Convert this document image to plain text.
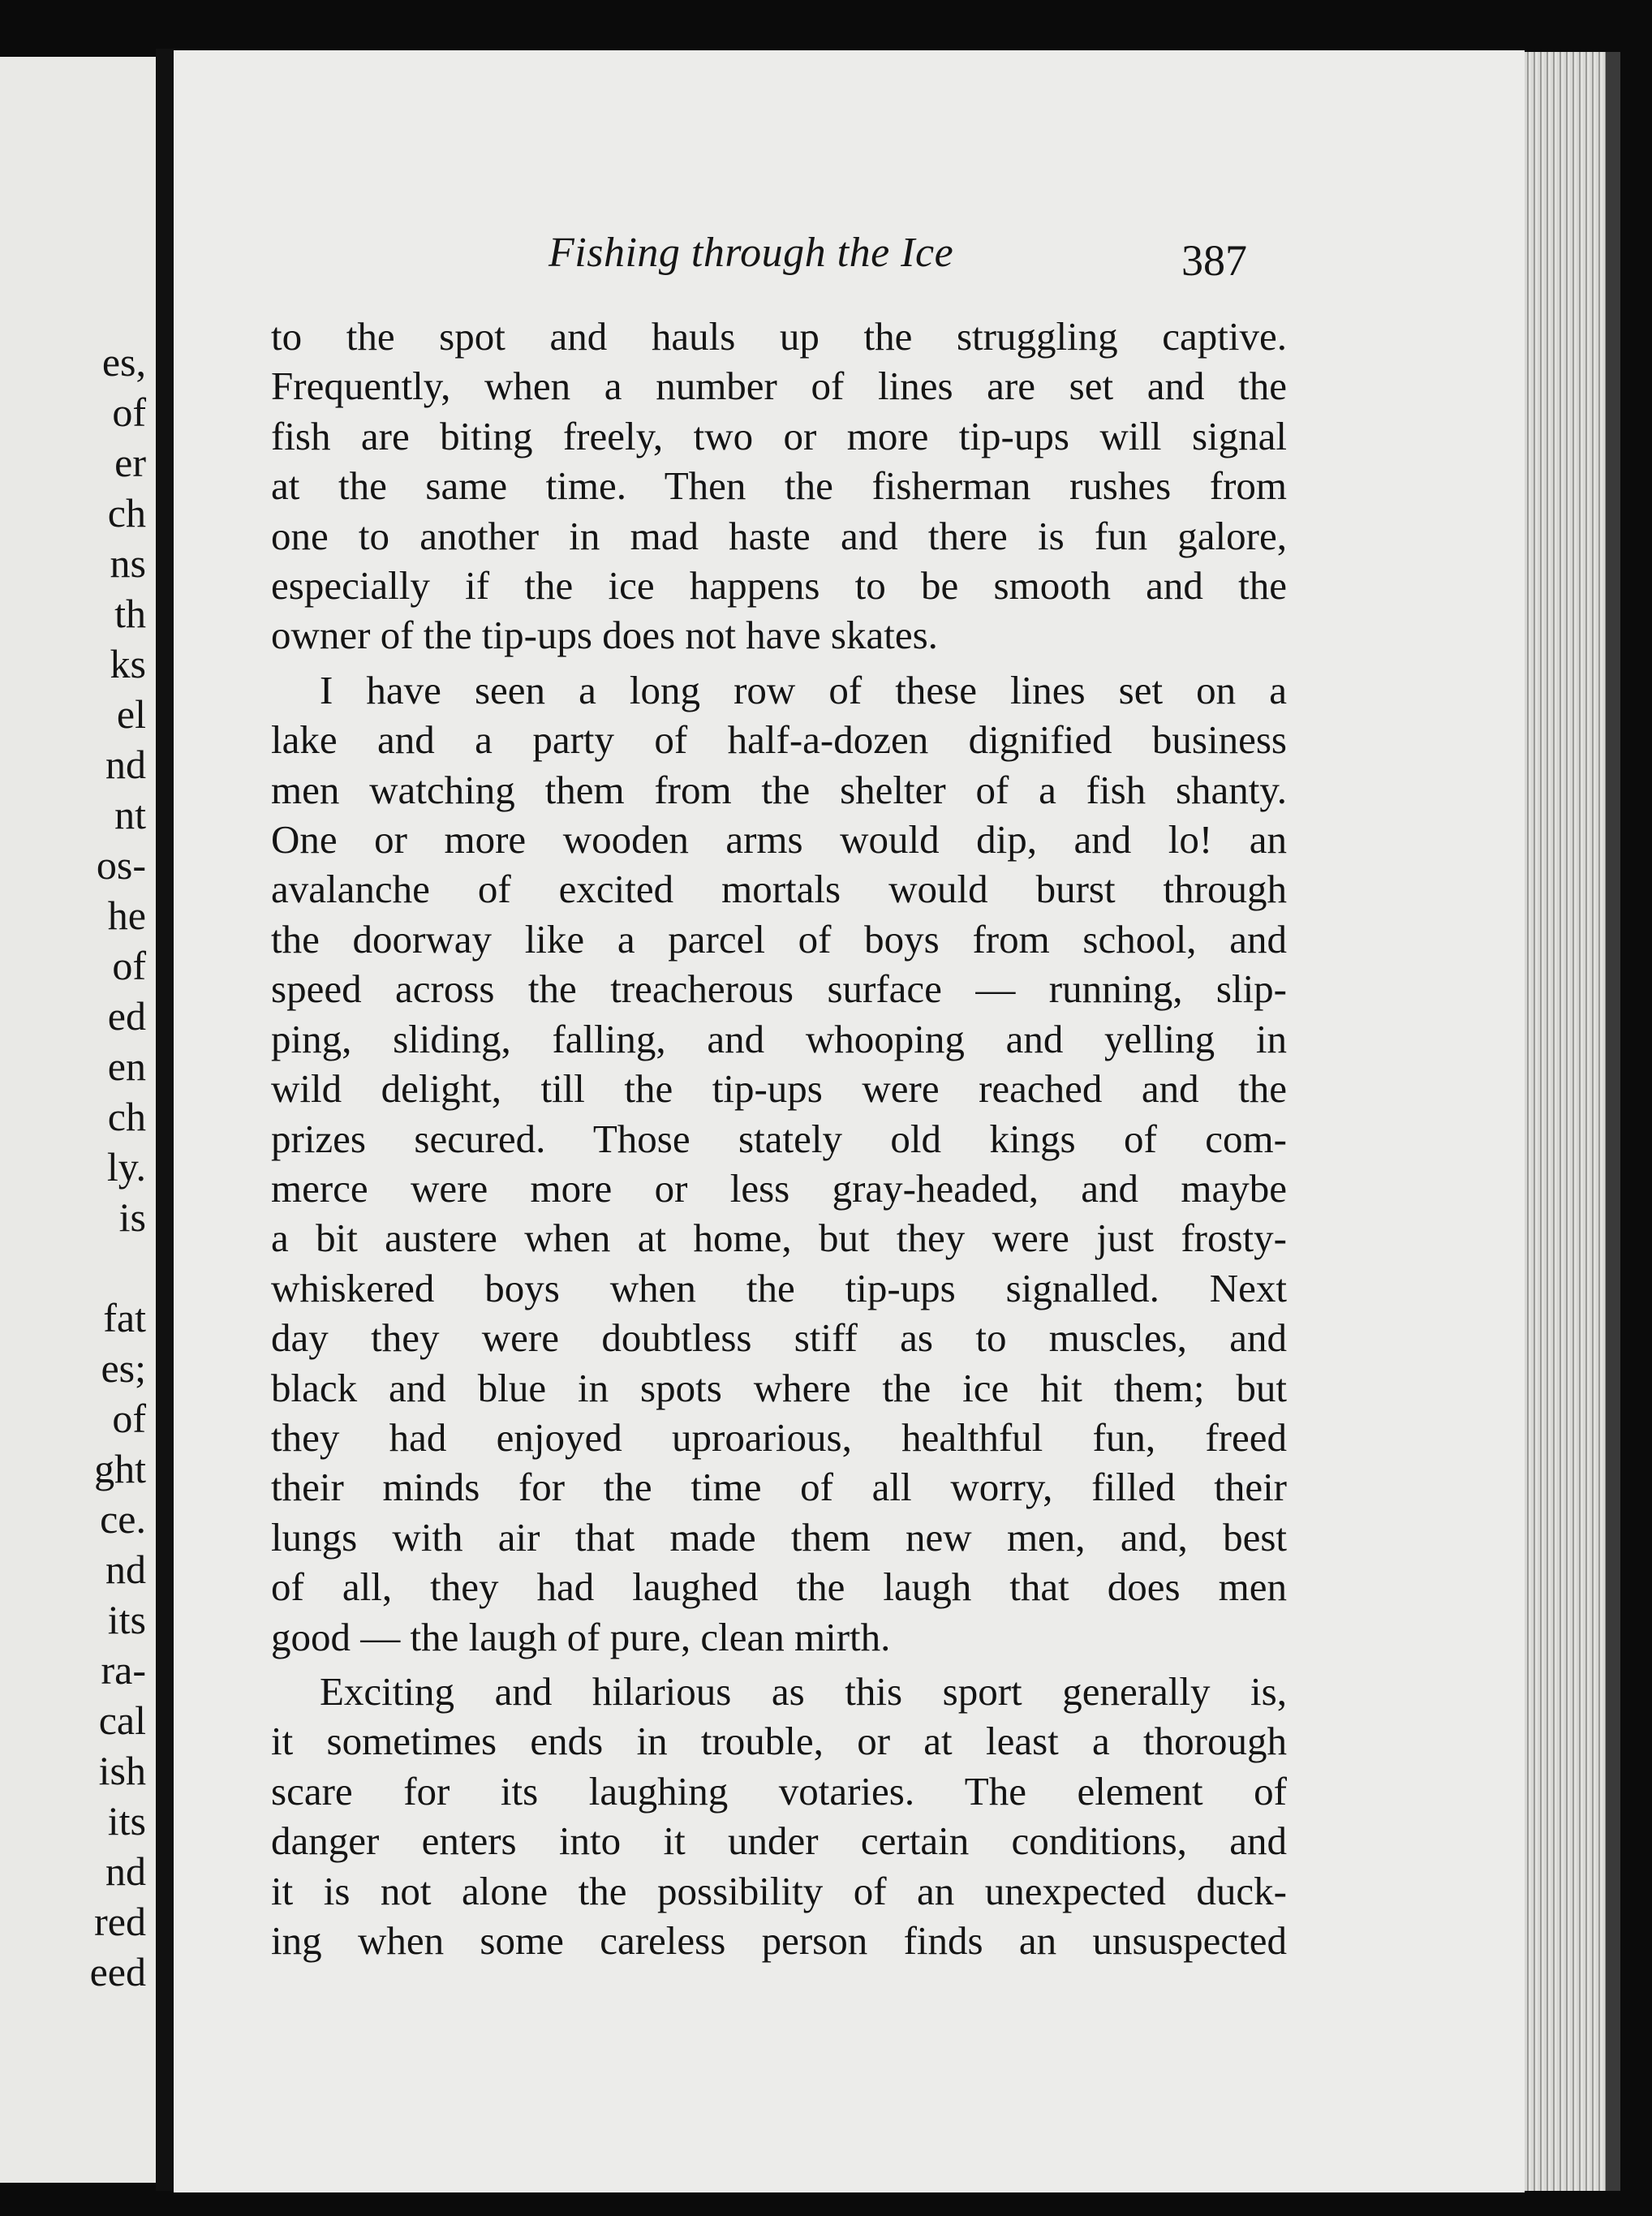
es,
of
er
ch
ns
th
ks
el
nd
nt
os-
he
of
ed
en
ch
ly.
is

fat
es;
of
ght
ce.
nd
its
ra-
cal
ish
its
nd
red
eed
Fishing through the Ice	387
to the spot and hauls up the struggling captive.
Frequently, when a number of lines are set and the
fish are biting freely, two or more tip-ups will signal
at the same time. Then the fisherman rushes from
one to another in mad haste and there is fun galore,
especially if the ice happens to be smooth and the
owner of the tip-ups does not have skates.
I have seen a long row of these lines set on a
lake and a party of half-a-dozen dignified business
men watching them from the shelter of a fish shanty.
One or more wooden arms would dip, and lo! an
avalanche of excited mortals would burst through
the doorway like a parcel of boys from school, and
speed across the treacherous surface — running, slip-
ping, sliding, falling, and whooping and yelling in
wild delight, till the tip-ups were reached and the
prizes secured. Those stately old kings of com-
merce were more or less gray-headed, and maybe
a bit austere when at home, but they were just frosty-
whiskered boys when the tip-ups signalled. Next
day they were doubtless stiff as to muscles, and
black and blue in spots where the ice hit them; but
they had enjoyed uproarious, healthful fun, freed
their minds for the time of all worry, filled their
lungs with air that made them new men, and, best
of all, they had laughed the laugh that does men
good — the laugh of pure, clean mirth.
Exciting and hilarious as this sport generally is,
it sometimes ends in trouble, or at least a thorough
scare for its laughing votaries. The element of
danger enters into it under certain conditions, and
it is not alone the possibility of an unexpected duck-
ing when some careless person finds an unsuspected
